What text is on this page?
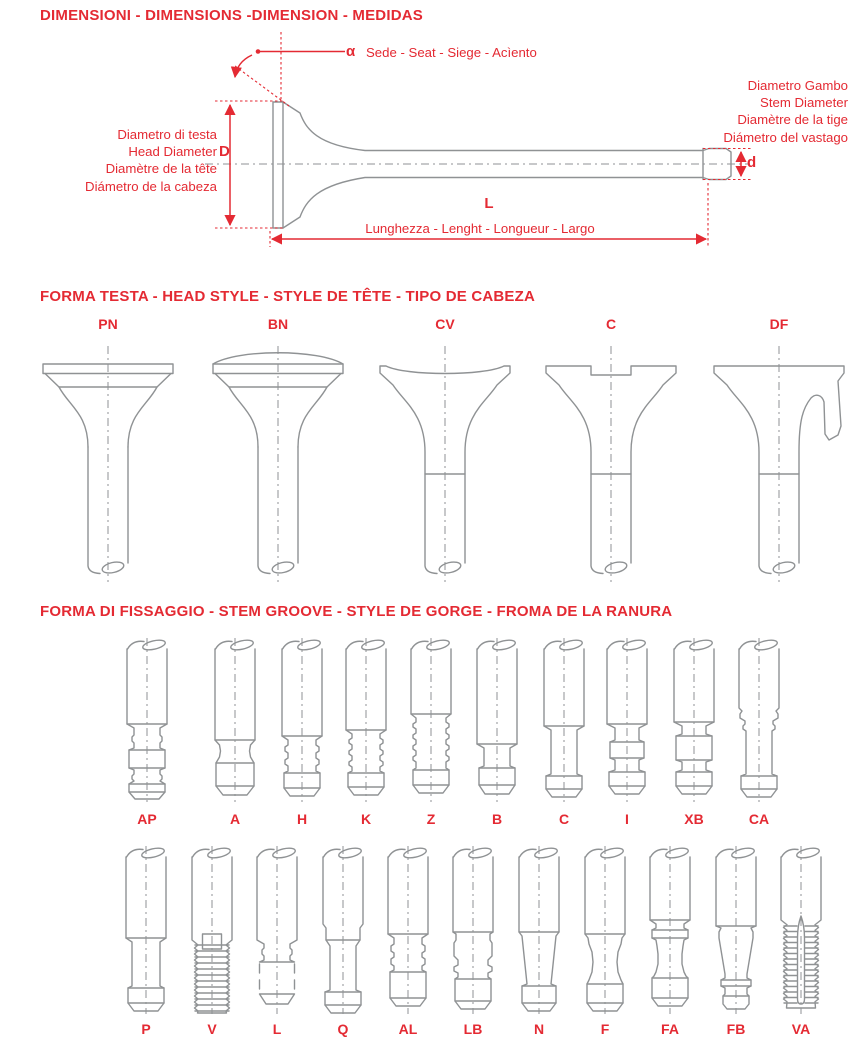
DIMENSIONI - DIMENSIONS -DIMENSION - MEDIDAS
α Sede - Seat - Siege - Acìento
Diametro di testa
Head Diameter
Diamètre de la tête
Diámetro de la cabeza
D
Diametro Gambo
Stem Diameter
Diamètre de la tige
Diámetro del vastago
d
L
Lunghezza - Lenght - Longueur - Largo
FORMA TESTA - HEAD STYLE - STYLE DE TÊTE - TIPO DE CABEZA
FORMA DI FISSAGGIO - STEM GROOVE - STYLE DE GORGE - FROMA DE LA RANURA
AP	A	H	K	Z	B	C	I	XB	CA
P	V	L	Q	AL	LB	N	F	FA	FB	VA
PN	BN	CV	C	DF
